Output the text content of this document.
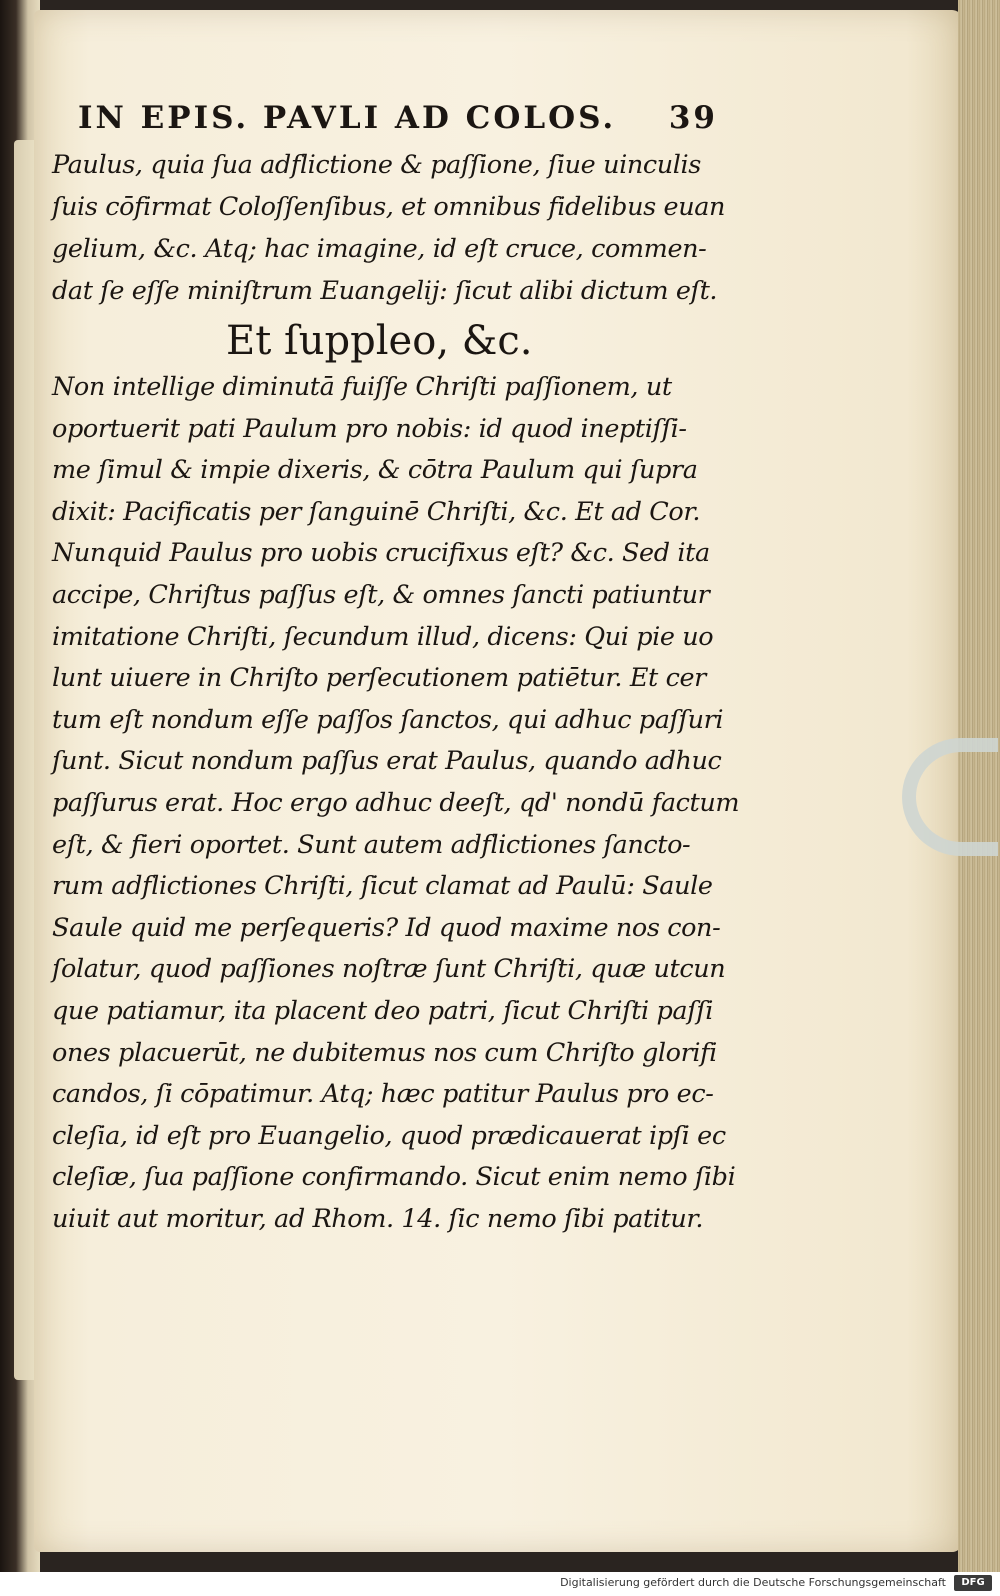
IN EPIS. PAVLI AD COLOS. 39
Paulus, quia ſua adflictione & paſſione, ſiue uinculis
ſuis cōfirmat Coloſſenſibus, et omnibus fidelibus euan
gelium, &c. Atq; hac imagine, id eſt cruce, commen-
dat ſe eſſe miniſtrum Euangelij: ſicut alibi dictum eſt.
Et ſuppleo, &c.
Non intellige diminutā fuiſſe Chriſti paſſionem, ut
oportuerit pati Paulum pro nobis: id quod ineptiſſi-
me ſimul & impie dixeris, & cōtra Paulum qui ſupra
dixit: Pacificatis per ſanguinē Chriſti, &c. Et ad Cor.
Nunquid Paulus pro uobis crucifixus eſt? &c. Sed ita
accipe, Chriſtus paſſus eſt, & omnes ſancti patiuntur
imitatione Chriſti, ſecundum illud, dicens: Qui pie uo
lunt uiuere in Chriſto perſecutionem patiētur. Et cer
tum eſt nondum eſſe paſſos ſanctos, qui adhuc paſſuri
ſunt. Sicut nondum paſſus erat Paulus, quando adhuc
paſſurus erat. Hoc ergo adhuc deeſt, qd' nondū factum
eſt, & fieri oportet. Sunt autem adflictiones ſancto-
rum adflictiones Chriſti, ſicut clamat ad Paulū: Saule
Saule quid me perſequeris? Id quod maxime nos con-
ſolatur, quod paſſiones noſtræ ſunt Chriſti, quæ utcun
que patiamur, ita placent deo patri, ſicut Chriſti paſſi
ones placuerūt, ne dubitemus nos cum Chriſto glorifi
candos, ſi cōpatimur. Atq; hæc patitur Paulus pro ec-
cleſia, id eſt pro Euangelio, quod prædicauerat ipſi ec
cleſiæ, ſua paſſione confirmando. Sicut enim nemo ſibi
uiuit aut moritur, ad Rhom. 14. ſic nemo ſibi patitur.
Digitalisierung gefördert durch die Deutsche Forschungsgemeinschaft	DFG
